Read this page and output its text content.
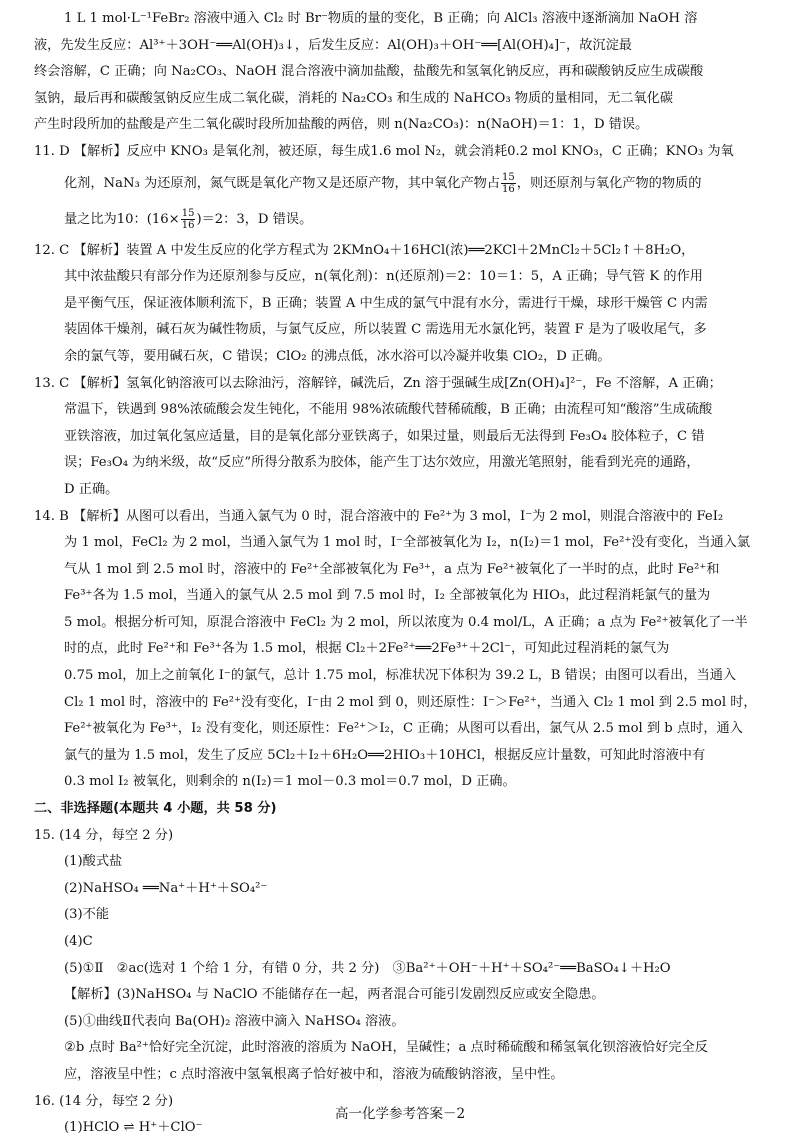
1 L 1 mol·L⁻¹FeBr₂ 溶液中通入 Cl₂ 时 Br⁻物质的量的变化，B 正确；向 AlCl₃ 溶液中逐渐滴加 NaOH 溶

液，先发生反应：Al³⁺＋3OH⁻══Al(OH)₃↓，后发生反应：Al(OH)₃＋OH⁻══[Al(OH)₄]⁻，故沉淀最

终会溶解，C 正确；向 Na₂CO₃、NaOH 混合溶液中滴加盐酸，盐酸先和氢氧化钠反应，再和碳酸钠反应生成碳酸

氢钠，最后再和碳酸氢钠反应生成二氧化碳，消耗的 Na₂CO₃ 和生成的 NaHCO₃ 物质的量相同，无二氧化碳

产生时段所加的盐酸是产生二氧化碳时段所加盐酸的两倍，则 n(Na₂CO₃)：n(NaOH)＝1：1，D 错误。

11. D 【解析】反应中 KNO₃ 是氧化剂，被还原，每生成1.6 mol N₂，就会消耗0.2 mol KNO₃，C 正确；KNO₃ 为氧

化剂，NaN₃ 为还原剂，氮气既是氧化产物又是还原产物，其中氧化产物占 $\frac{15}{16}$ ，则还原剂与氧化产物的物质的

量之比为10：$(16\times \frac{15}{16} )=2$：3，D 错误。

12. C 【解析】装置 A 中发生反应的化学方程式为 2KMnO₄＋16HCl(浓)══2KCl＋2MnCl₂＋5Cl₂↑＋8H₂O，

其中浓盐酸只有部分作为还原剂参与反应，n(氧化剂)：n(还原剂)＝2：10＝1：5，A 正确；导气管 K 的作用

是平衡气压，保证液体顺利流下，B 正确；装置 A 中生成的氯气中混有水分，需进行干燥，球形干燥管 C 内需

装固体干燥剂，碱石灰为碱性物质，与氯气反应，所以装置 C 需选用无水氯化钙，装置 F 是为了吸收尾气，多

余的氯气等，要用碱石灰，C 错误；ClO₂ 的沸点低，冰水浴可以冷凝并收集 ClO₂，D 正确。

13. C 【解析】氢氧化钠溶液可以去除油污，溶解锌，碱洗后，Zn 溶于强碱生成[Zn(OH)₄]²⁻，Fe 不溶解，A 正确；

常温下，铁遇到 98%浓硫酸会发生钝化，不能用 98%浓硫酸代替稀硫酸，B 正确；由流程可知“酸溶”生成硫酸

亚铁溶液，加过氧化氢应适量，目的是氧化部分亚铁离子，如果过量，则最后无法得到 Fe₃O₄ 胶体粒子，C 错

误；Fe₃O₄ 为纳米级，故“反应”所得分散系为胶体，能产生丁达尔效应，用激光笔照射，能看到光亮的通路，

D 正确。

14. B 【解析】从图可以看出，当通入氯气为 0 时，混合溶液中的 Fe²⁺为 3 mol，I⁻为 2 mol，则混合溶液中的 FeI₂

为 1 mol，FeCl₂ 为 2 mol，当通入氯气为 1 mol 时，I⁻全部被氧化为 I₂，n(I₂)＝1 mol，Fe²⁺没有变化，当通入氯

气从 1 mol 到 2.5 mol 时，溶液中的 Fe²⁺全部被氧化为 Fe³⁺，a 点为 Fe²⁺被氧化了一半时的点，此时 Fe²⁺和

Fe³⁺各为 1.5 mol，当通入的氯气从 2.5 mol 到 7.5 mol 时，I₂ 全部被氧化为 HIO₃，此过程消耗氯气的量为

5 mol。根据分析可知，原混合溶液中 FeCl₂ 为 2 mol，所以浓度为 0.4 mol/L，A 正确；a 点为 Fe²⁺被氧化了一半

时的点，此时 Fe²⁺和 Fe³⁺各为 1.5 mol，根据 Cl₂＋2Fe²⁺══2Fe³⁺＋2Cl⁻，可知此过程消耗的氯气为

0.75 mol，加上之前氧化 I⁻的氯气，总计 1.75 mol，标准状况下体积为 39.2 L，B 错误；由图可以看出，当通入

Cl₂ 1 mol 时，溶液中的 Fe²⁺没有变化，I⁻由 2 mol 到 0，则还原性：I⁻＞Fe²⁺，当通入 Cl₂ 1 mol 到 2.5 mol 时，

Fe²⁺被氧化为 Fe³⁺，I₂ 没有变化，则还原性：Fe²⁺＞I₂，C 正确；从图可以看出，氯气从 2.5 mol 到 b 点时，通入

氯气的量为 1.5 mol，发生了反应 5Cl₂＋I₂＋6H₂O══2HIO₃＋10HCl，根据反应计量数，可知此时溶液中有

0.3 mol I₂ 被氧化，则剩余的 n(I₂)＝1 mol－0.3 mol＝0.7 mol，D 正确。

二、非选择题(本题共 4 小题，共 58 分)

15. (14 分，每空 2 分)

(1)酸式盐

(2)NaHSO₄ ══Na⁺＋H⁺＋SO₄²⁻

(3)不能

(4)C

(5)①Ⅱ　②ac(选对 1 个给 1 分，有错 0 分，共 2 分)　③Ba²⁺＋OH⁻＋H⁺＋SO₄²⁻══BaSO₄↓＋H₂O

【解析】(3)NaHSO₄ 与 NaClO 不能储存在一起，两者混合可能引发剧烈反应或安全隐患。

(5)①曲线Ⅱ代表向 Ba(OH)₂ 溶液中滴入 NaHSO₄ 溶液。

②b 点时 Ba²⁺恰好完全沉淀，此时溶液的溶质为 NaOH，呈碱性；a 点时稀硫酸和稀氢氧化钡溶液恰好完全反

应，溶液呈中性；c 点时溶液中氢氧根离子恰好被中和，溶液为硫酸钠溶液，呈中性。

16. (14 分，每空 2 分)

(1)HClO ⇌ H⁺＋ClO⁻

高一化学参考答案－2
